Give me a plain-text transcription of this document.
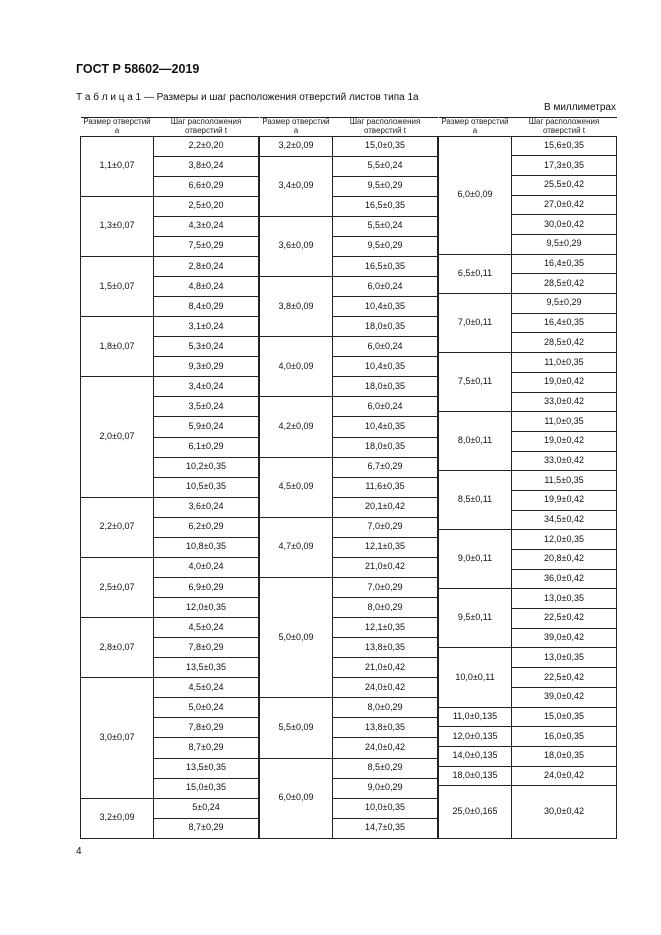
ГОСТ Р 58602—2019
Т а б л и ц а 1 — Размеры и шаг расположения отверстий листов типа 1а
В миллиметрах
Размер отверстий a	Шаг расположения отверстий t
1,1±0,07	2,2±0,20
	3,8±0,24
	6,6±0,29
1,3±0,07	2,5±0,20
	4,3±0,24
	7,5±0,29
1,5±0,07	2,8±0,24
	4,8±0,24
	8,4±0,29
1,8±0,07	3,1±0,24
	5,3±0,24
	9,3±0,29
2,0±0,07	3,4±0,24
	3,5±0,24
	5,9±0,24
	6,1±0,29
	10,2±0,35
	10,5±0,35
2,2±0,07	3,6±0,24
	6,2±0,29
	10,8±0,35
2,5±0,07	4,0±0,24
	6,9±0,29
	12,0±0,35
2,8±0,07	4,5±0,24
	7,8±0,29
	13,5±0,35
3,0±0,07	4,5±0,24
	5,0±0,24
	7,8±0,29
	8,7±0,29
	13,5±0,35
	15,0±0,35
3,2±0,09	5±0,24
	8,7±0,29
Размер отверстий a	Шаг расположения отверстий t
3,2±0,09	15,0±0,35
3,4±0,09	5,5±0,24
	9,5±0,29
	16,5±0,35
3,6±0,09	5,5±0,24
	9,5±0,29
	16,5±0,35
3,8±0,09	6,0±0,24
	10,4±0,35
	18,0±0,35
4,0±0,09	6,0±0,24
	10,4±0,35
	18,0±0,35
4,2±0,09	6,0±0,24
	10,4±0,35
	18,0±0,35
4,5±0,09	6,7±0,29
	11,6±0,35
	20,1±0,42
4,7±0,09	7,0±0,29
	12,1±0,35
	21,0±0,42
5,0±0,09	7,0±0,29
	8,0±0,29
	12,1±0,35
	13,8±0,35
	21,0±0,42
	24,0±0,42
5,5±0,09	8,0±0,29
	13,8±0,35
	24,0±0,42
6,0±0,09	8,5±0,29
	9,0±0,29
	10,0±0,35
	14,7±0,35
Размер отверстий a	Шаг расположения отверстий t
6,0±0,09	15,6±0,35
	17,3±0,35
	25,5±0,42
	27,0±0,42
	30,0±0,42
	9,5±0,29
6,5±0,11	16,4±0,35
	28,5±0,42
7,0±0,11	9,5±0,29
	16,4±0,35
	28,5±0,42
7,5±0,11	11,0±0,35
	19,0±0,42
	33,0±0,42
8,0±0,11	11,0±0,35
	19,0±0,42
	33,0±0,42
8,5±0,11	11,5±0,35
	19,9±0,42
	34,5±0,42
9,0±0,11	12,0±0,35
	20,8±0,42
	36,0±0,42
9,5±0,11	13,0±0,35
	22,5±0,42
	39,0±0,42
10,0±0,11	13,0±0,35
	22,5±0,42
	39,0±0,42
11,0±0,135	15,0±0,35
12,0±0,135	16,0±0,35
14,0±0,135	18,0±0,35
18,0±0,135	24,0±0,42
25,0±0,165	30,0±0,42

4
